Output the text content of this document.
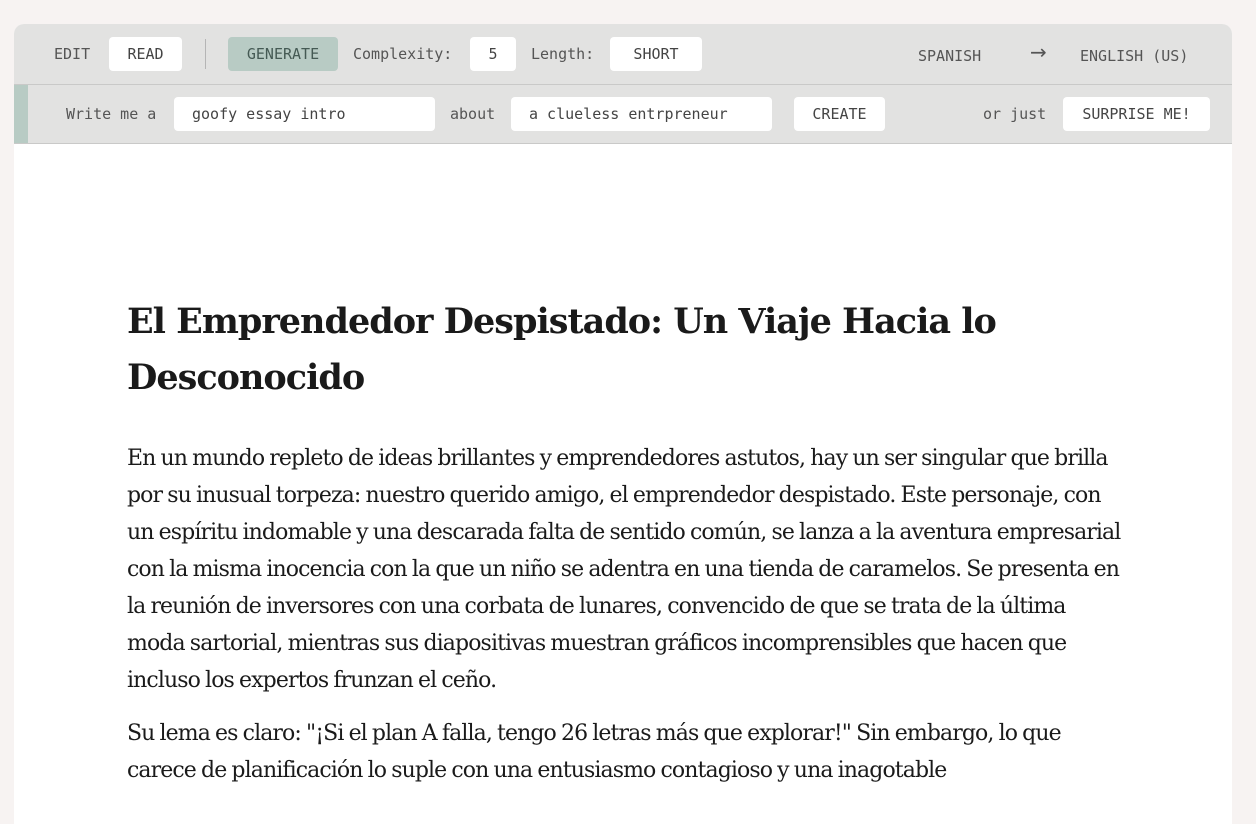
EDIT	READ	GENERATE	Complexity:	5	Length:	SHORT	SPANISH → ENGLISH (US)
Write me a
goofy essay intro	about
a clueless entrpreneur	CREATE	or just	SURPRISE ME!
El Emprendedor Despistado: Un Viaje Hacia lo Desconocido

En un mundo repleto de ideas brillantes y emprendedores astutos, hay un ser singular que brilla por su inusual torpeza: nuestro querido amigo, el emprendedor despistado. Este personaje, con un espíritu indomable y una descarada falta de sentido común, se lanza a la aventura empresarial con la misma inocencia con la que un niño se adentra en una tienda de caramelos. Se presenta en la reunión de inversores con una corbata de lunares, convencido de que se trata de la última moda sartorial, mientras sus diapositivas muestran gráficos incomprensibles que hacen que incluso los expertos frunzan el ceño.

Su lema es claro: "¡Si el plan A falla, tengo 26 letras más que explorar!" Sin embargo, lo que carece de planificación lo suple con una entusiasmo contagioso y una inagotable
